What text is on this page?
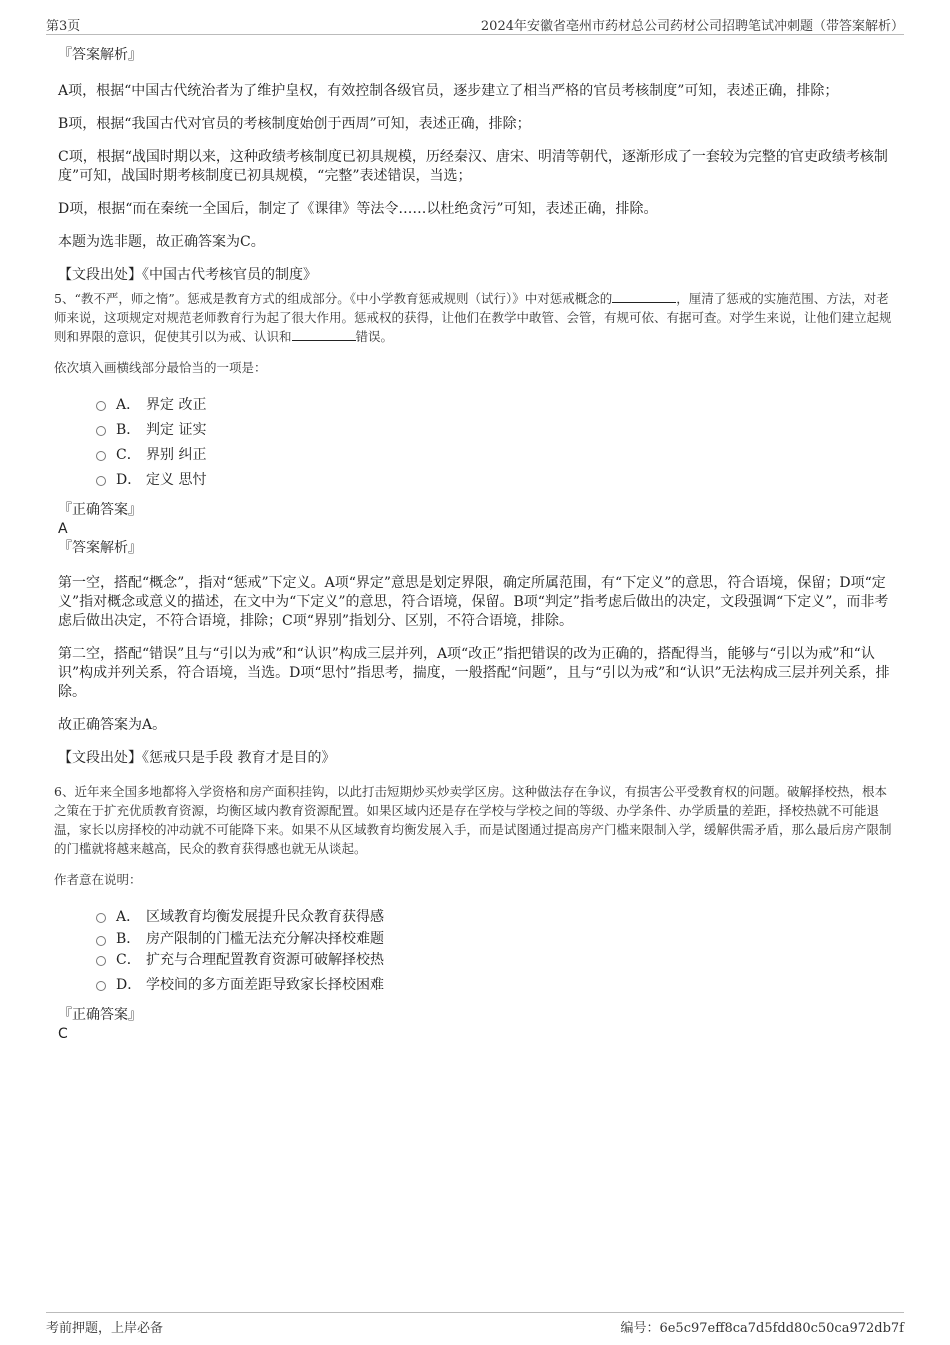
第3页	2024年安徽省亳州市药材总公司药材公司招聘笔试冲刺题（带答案解析）

『答案解析』

A项，根据“中国古代统治者为了维护皇权，有效控制各级官员，逐步建立了相当严格的官员考核制度”可知，表述正确，排除；

B项，根据“我国古代对官员的考核制度始创于西周”可知，表述正确，排除；

C项，根据“战国时期以来，这种政绩考核制度已初具规模，历经秦汉、唐宋、明清等朝代，逐渐形成了一套较为完整的官吏政绩考核制度”可知，战国时期考核制度已初具规模，“完整”表述错误，当选；

D项，根据“而在秦统一全国后，制定了《课律》等法令……以杜绝贪污”可知，表述正确，排除。

本题为选非题，故正确答案为C。

【文段出处】《中国古代考核官员的制度》

5、“教不严，师之惰”。惩戒是教育方式的组成部分。《中小学教育惩戒规则（试行）》中对惩戒概念的	，厘清了惩戒的实施范围、方法，对老师来说，这项规定对规范老师教育行为起了很大作用。惩戒权的获得，让他们在教学中敢管、会管，有规可依、有据可查。对学生来说，让他们建立起规则和界限的意识，促使其引以为戒、认识和	错误。

依次填入画横线部分最恰当的一项是：

A． 界定 改正
B． 判定 证实
C． 界别 纠正
D． 定义 思忖

『正确答案』

A

『答案解析』

第一空，搭配“概念”，指对“惩戒”下定义。A项“界定”意思是划定界限，确定所属范围，有“下定义”的意思，符合语境，保留；D项“定义”指对概念或意义的描述，在文中为“下定义”的意思，符合语境，保留。B项“判定”指考虑后做出的决定，文段强调“下定义”，而非考虑后做出决定，不符合语境，排除；C项“界别”指划分、区别，不符合语境，排除。

第二空，搭配“错误”且与“引以为戒”和“认识”构成三层并列，A项“改正”指把错误的改为正确的，搭配得当，能够与“引以为戒”和“认识”构成并列关系，符合语境，当选。D项“思忖”指思考，揣度，一般搭配“问题”，且与“引以为戒”和“认识”无法构成三层并列关系，排除。

故正确答案为A。

【文段出处】《惩戒只是手段 教育才是目的》

6、近年来全国多地都将入学资格和房产面积挂钩，以此打击短期炒买炒卖学区房。这种做法存在争议，有损害公平受教育权的问题。破解择校热，根本之策在于扩充优质教育资源，均衡区域内教育资源配置。如果区域内还是存在学校与学校之间的等级、办学条件、办学质量的差距，择校热就不可能退温，家长以房择校的冲动就不可能降下来。如果不从区域教育均衡发展入手，而是试图通过提高房产门槛来限制入学，缓解供需矛盾，那么最后房产限制的门槛就将越来越高，民众的教育获得感也就无从谈起。

作者意在说明：

A． 区域教育均衡发展提升民众教育获得感
B． 房产限制的门槛无法充分解决择校难题
C． 扩充与合理配置教育资源可破解择校热
D． 学校间的多方面差距导致家长择校困难

『正确答案』

C

考前押题，上岸必备	编号：6e5c97eff8ca7d5fdd80c50ca972db7f
